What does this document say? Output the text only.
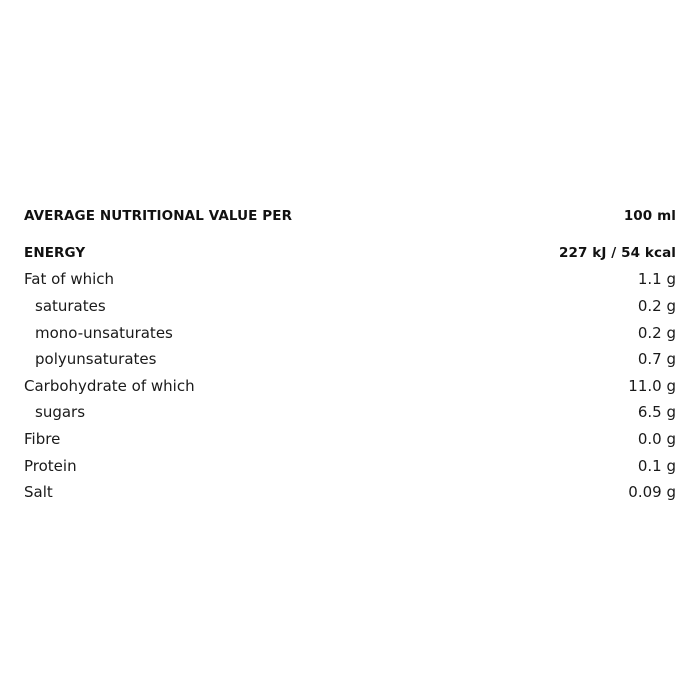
AVERAGE NUTRITIONAL VALUE PER	100 ml
ENERGY	227 kJ / 54 kcal
Fat of which	1.1 g
saturates	0.2 g
mono-unsaturates	0.2 g
polyunsaturates	0.7 g
Carbohydrate of which	11.0 g
sugars	6.5 g
Fibre	0.0 g
Protein	0.1 g
Salt	0.09 g
